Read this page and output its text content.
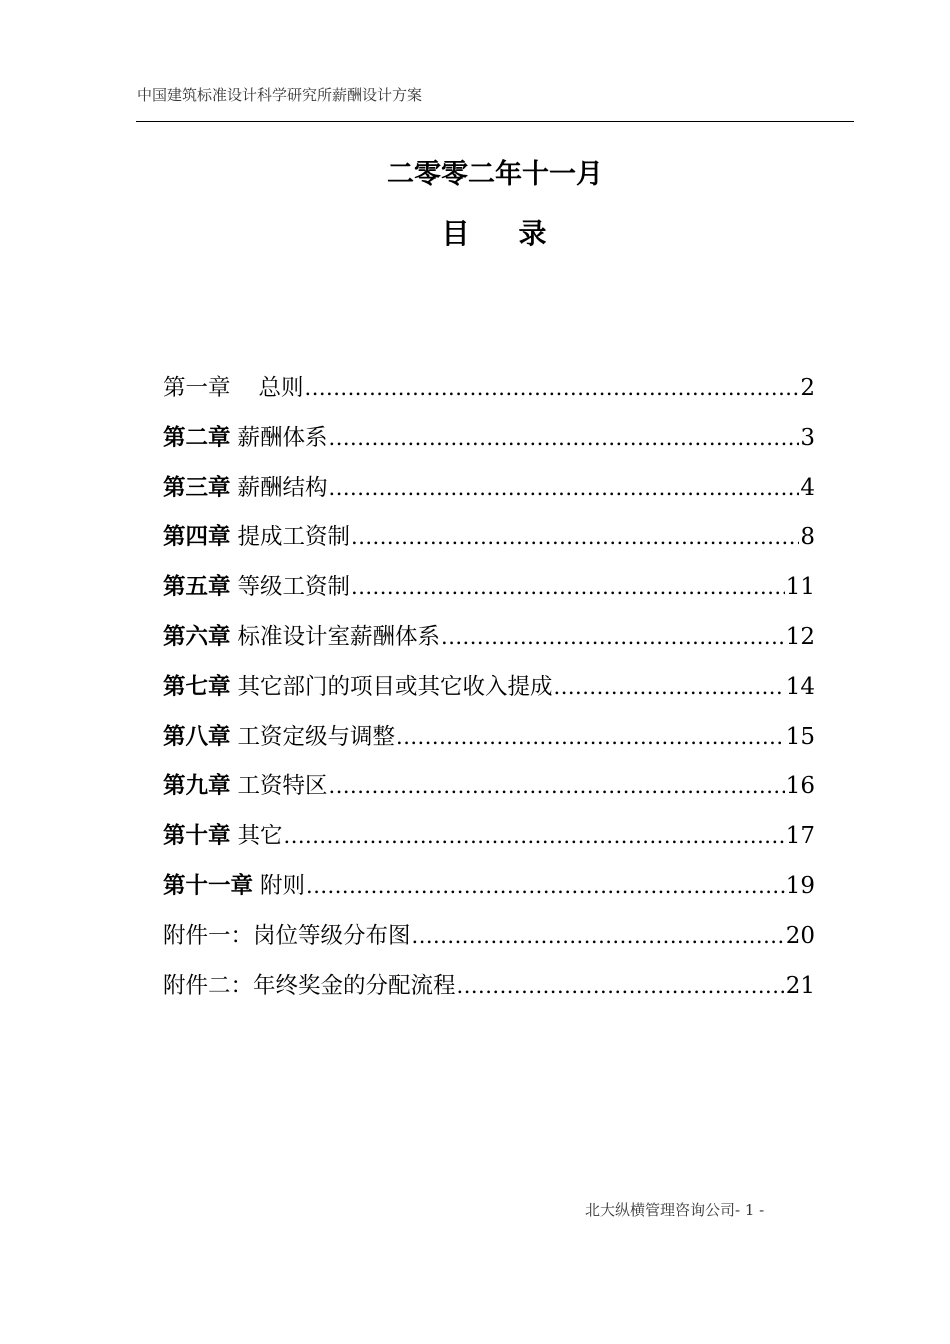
中国建筑标准设计科学研究所薪酬设计方案
二零零二年十一月
目    录
第一章 总则 .....	2
第二章 薪酬体系 .....	3
第三章 薪酬结构 .....	4
第四章 提成工资制 .....	8
第五章 等级工资制 .....	11
第六章 标准设计室薪酬体系 .....	12
第七章 其它部门的项目或其它收入提成 .....	14
第八章 工资定级与调整 .....	15
第九章 工资特区 .....	16
第十章 其它 .....	17
第十一章 附则 .....	19
附件一：岗位等级分布图 .....	20
附件二：年终奖金的分配流程 .....	21
北大纵横管理咨询公司- 1 -
